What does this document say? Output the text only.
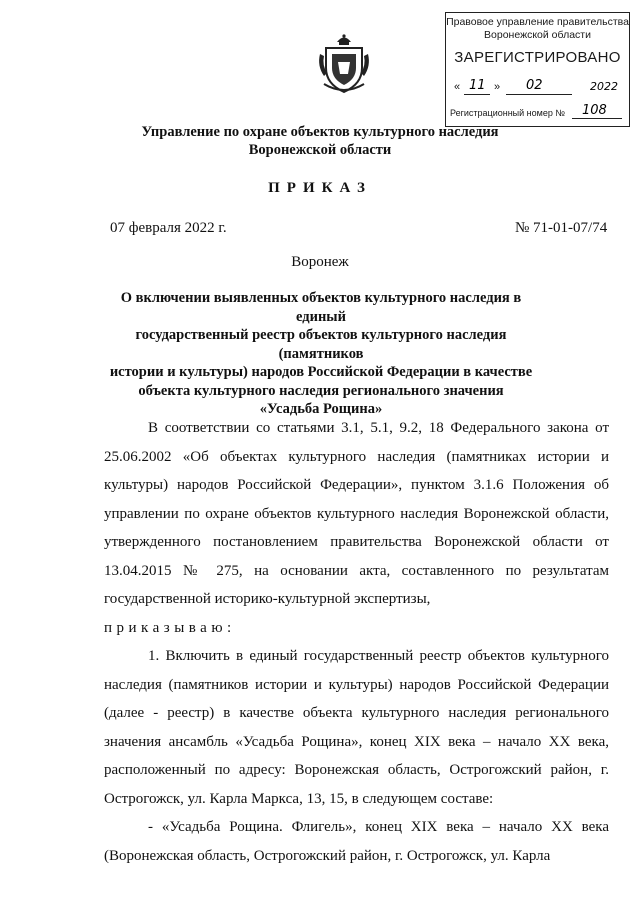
Правовое управление правительства
Воронежской области
ЗАРЕГИСТРИРОВАНО
« 11 » 02	2022
Регистрационный номер № 108
Управление по охране объектов культурного наследия
Воронежской области
ПРИКАЗ
07 февраля 2022 г.	№ 71-01-07/74
Воронеж
О включении выявленных объектов культурного наследия в единый
государственный реестр объектов культурного наследия (памятников
истории и культуры) народов Российской Федерации в качестве
объекта культурного наследия регионального значения
«Усадьба Рощина»

В соответствии со статьями 3.1, 5.1, 9.2, 18 Федерального закона от 25.06.2002 «Об объектах культурного наследия (памятниках истории и культуры) народов Российской Федерации», пунктом 3.1.6 Положения об управлении по охране объектов культурного наследия Воронежской области, утвержденного постановлением правительства Воронежской области от 13.04.2015 № 275, на основании акта, составленного по результатам государственной историко-культурной экспертизы,

приказываю:

1. Включить в единый государственный реестр объектов культурного наследия (памятников истории и культуры) народов Российской Федерации (далее - реестр) в качестве объекта культурного наследия регионального значения ансамбль «Усадьба Рощина», конец XIX века – начало XX века, расположенный по адресу: Воронежская область, Острогожский район, г. Острогожск, ул. Карла Маркса, 13, 15, в следующем составе:

- «Усадьба Рощина. Флигель», конец XIX века – начало XX века (Воронежская область, Острогожский район, г. Острогожск, ул. Карла
